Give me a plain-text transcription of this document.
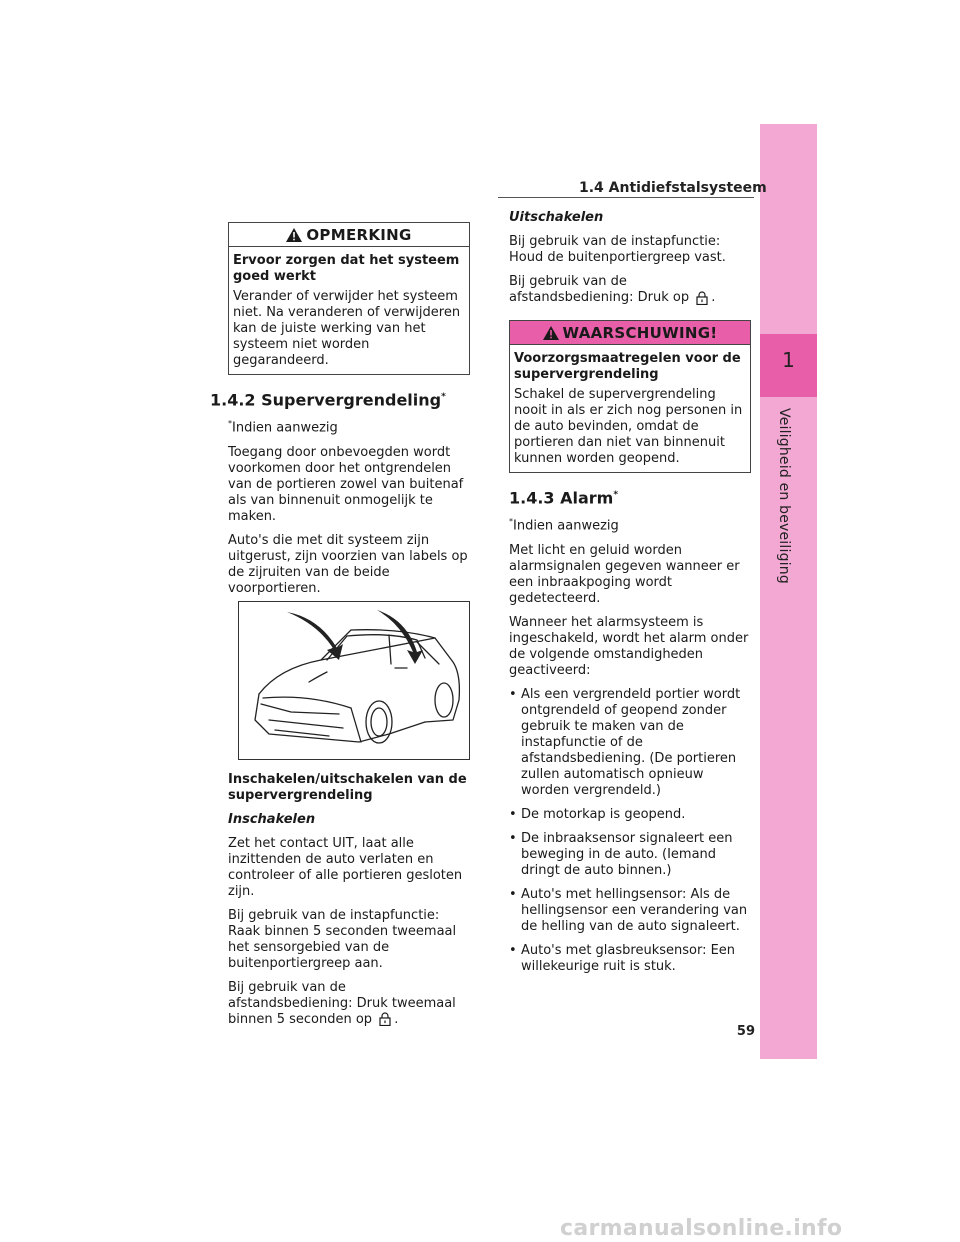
1
Veiligheid en beveiliging
1.4 Antidiefstalsysteem
OPMERKING

Ervoor zorgen dat het systeem goed werkt

Verander of verwijder het systeem niet. Na veranderen of verwijderen kan de juiste werking van het systeem niet worden gegarandeerd.

1.4.2 Supervergrendeling*

*Indien aanwezig

Toegang door onbevoegden wordt voorkomen door het ontgrendelen van de portieren zowel van buitenaf als van binnenuit onmogelijk te maken.

Auto's die met dit systeem zijn uitgerust, zijn voorzien van labels op de zijruiten van de beide voorportieren.

Inschakelen/uitschakelen van de supervergrendeling

Inschakelen

Zet het contact UIT, laat alle inzittenden de auto verlaten en controleer of alle portieren gesloten zijn.

Bij gebruik van de instapfunctie: Raak binnen 5 seconden tweemaal het sensorgebied van de buitenportiergreep aan.

Bij gebruik van de afstandsbediening: Druk tweemaal binnen 5 seconden op .

Uitschakelen

Bij gebruik van de instapfunctie: Houd de buitenportiergreep vast.

Bij gebruik van de afstandsbediening: Druk op .

WAARSCHUWING!

Voorzorgsmaatregelen voor de supervergrendeling

Schakel de supervergrendeling nooit in als er zich nog personen in de auto bevinden, omdat de portieren dan niet van binnenuit kunnen worden geopend.

1.4.3 Alarm*

*Indien aanwezig

Met licht en geluid worden alarmsignalen gegeven wanneer er een inbraakpoging wordt gedetecteerd.

Wanneer het alarmsysteem is ingeschakeld, wordt het alarm onder de volgende omstandigheden geactiveerd:

• Als een vergrendeld portier wordt ontgrendeld of geopend zonder gebruik te maken van de instapfunctie of de afstandsbediening. (De portieren zullen automatisch opnieuw worden vergrendeld.)
• De motorkap is geopend.
• De inbraaksensor signaleert een beweging in de auto. (Iemand dringt de auto binnen.)
• Auto's met hellingsensor: Als de hellingsensor een verandering van de helling van de auto signaleert.
• Auto's met glasbreuksensor: Een willekeurige ruit is stuk.
59
carmanualsonline.info
